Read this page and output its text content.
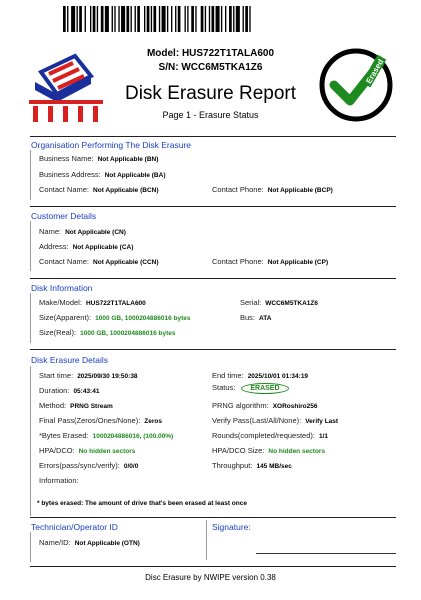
Erased
Model: HUS722T1TALA600
S/N: WCC6M5TKA1Z6
Disk Erasure Report
Page 1 - Erasure Status
Organisation Performing The Disk Erasure
Business Name: Not Applicable (BN)
Business Address: Not Applicable (BA)
Contact Name: Not Applicable (BCN)	Contact Phone: Not Applicable (BCP)
Customer Details
Name: Not Applicable (CN)
Address: Not Applicable (CA)
Contact Name: Not Applicable (CCN)	Contact Phone: Not Applicable (CP)
Disk Information
Make/Model: HUS722T1TALA600	Serial: WCC6M5TKA1Z6
Size(Apparent): 1000 GB, 1000204886016 bytes	Bus: ATA
Size(Real): 1000 GB, 1000204886016 bytes
Disk Erasure Details
Start time: 2025/09/30 19:50:38	End time: 2025/10/01 01:34:19
Duration: 05:43:41	Status: ERASED
Method: PRNG Stream	PRNG algorithm: XORoshiro256
Final Pass(Zeros/Ones/None): Zeros	Verify Pass(Last/All/None): Verify Last
*Bytes Erased: 1000204886016, (100.00%)	Rounds(completed/requested): 1/1
HPA/DCO: No hidden sectors	HPA/DCO Size: No hidden sectors
Errors(pass/sync/verify): 0/0/0	Throughput: 145 MB/sec
Information:
* bytes erased: The amount of drive that's been erased at least once
Technician/Operator ID	Signature:
Name/ID: Not Applicable (OTN)
Disc Erasure by NWIPE version 0.38
